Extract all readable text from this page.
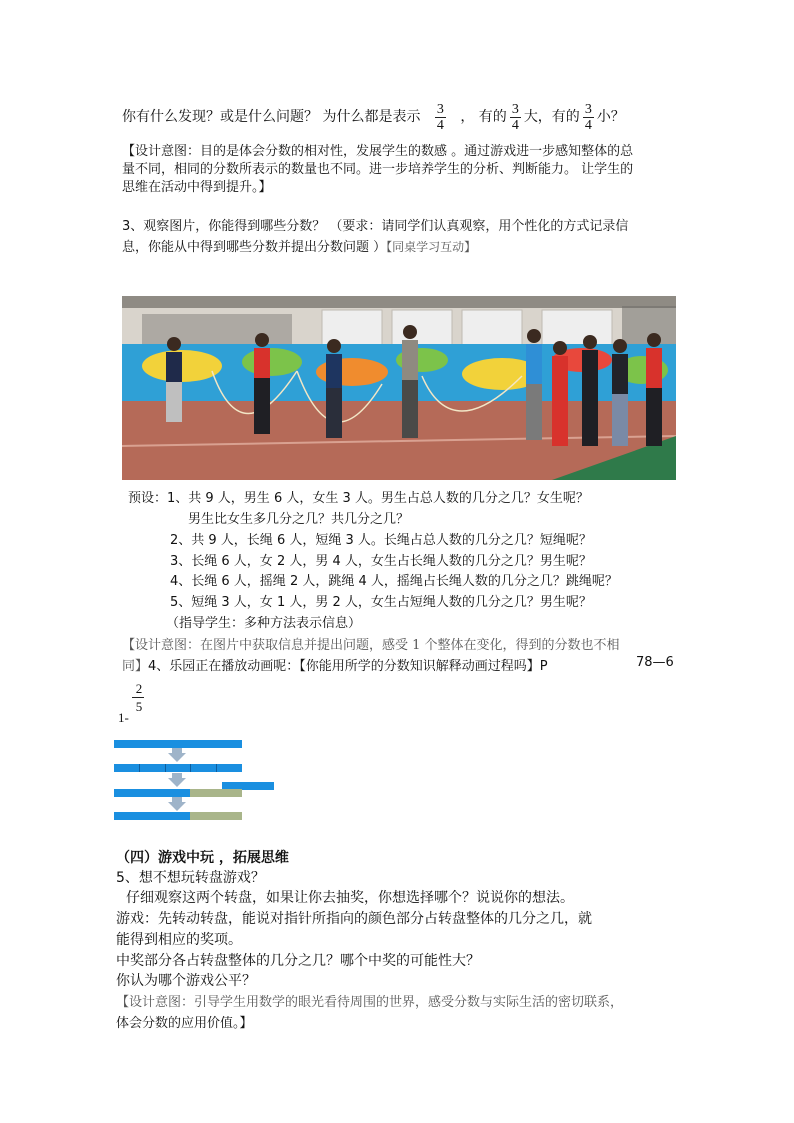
你有什么发现？或是什么问题？ 为什么都是表示 $\frac{3}{4}$ ， 有的 $\frac{3}{4}$ 大，有的 $\frac{3}{4}$ 小？
【设计意图：目的是体会分数的相对性，发展学生的数感 。通过游戏进一步感知整体的总
量不同，相同的分数所表示的数量也不同。进一步培养学生的分析、判断能力。 让学生的
思维在活动中得到提升。】
3、观察图片，你能得到哪些分数？ （要求：请同学们认真观察，用个性化的方式记录信
息，你能从中得到哪些分数并提出分数问题 ）【同桌学习互动】
预设：1、共 9 人，男生 6 人，女生 3 人。男生占总人数的几分之几？女生呢？
男生比女生多几分之几？共几分之几？
2、共 9 人，长绳 6 人，短绳 3 人。长绳占总人数的几分之几？短绳呢？
3、长绳 6 人，女 2 人，男 4 人，女生占长绳人数的几分之几？男生呢？
4、长绳 6 人，摇绳 2 人，跳绳 4 人，摇绳占长绳人数的几分之几？跳绳呢？
5、短绳 3 人，女 1 人，男 2 人，女生占短绳人数的几分之几？男生呢？
（指导学生：多种方法表示信息）
【设计意图：在图片中获取信息并提出问题，感受 1 个整体在变化，得到的分数也不相
同】4、乐园正在播放动画呢：【你能用所学的分数知识解释动画过程吗】P	78—6
1-
2
5
（四）游戏中玩 ，拓展思维
5、想不想玩转盘游戏？
仔细观察这两个转盘，如果让你去抽奖，你想选择哪个？说说你的想法。
游戏：先转动转盘，能说对指针所指向的颜色部分占转盘整体的几分之几，就
能得到相应的奖项。
中奖部分各占转盘整体的几分之几？哪个中奖的可能性大？
你认为哪个游戏公平？
【设计意图：引导学生用数学的眼光看待周围的世界，感受分数与实际生活的密切联系，
体会分数的应用价值。】
